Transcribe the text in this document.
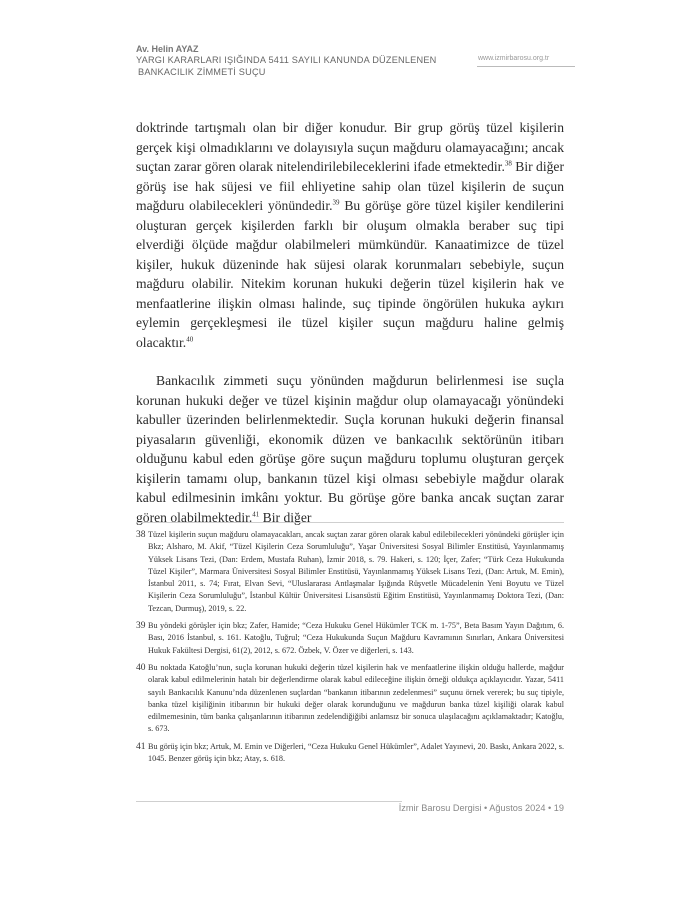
Av. Helin AYAZ
YARGI KARARLARI IŞIĞINDA 5411 SAYILI KANUNDA DÜZENLENEN
BANKACILIK ZİMMETİ SUÇU
www.izmirbarosu.org.tr

doktrinde tartışmalı olan bir diğer konudur. Bir grup görüş tüzel kişilerin gerçek kişi olmadıklarını ve dolayısıyla suçun mağduru olamayacağını; ancak suçtan zarar gören olarak nitelendirilebileceklerini ifade etmektedir.$^{38}$ Bir diğer görüş ise hak süjesi ve fiil ehliyetine sahip olan tüzel kişilerin de suçun mağduru olabilecekleri yönündedir.$^{39}$ Bu görüşe göre tüzel kişiler kendilerini oluşturan gerçek kişilerden farklı bir oluşum olmakla beraber suç tipi elverdiği ölçüde mağdur olabilmeleri mümkündür. Kanaatimizce de tüzel kişiler, hukuk düzeninde hak süjesi olarak korunmaları sebebiyle, suçun mağduru olabilir. Nitekim korunan hukuki değerin tüzel kişilerin hak ve menfaatlerine ilişkin olması halinde, suç tipinde öngörülen hukuka aykırı eylemin gerçekleşmesi ile tüzel kişiler suçun mağduru haline gelmiş olacaktır.$^{40}$

Bankacılık zimmeti suçu yönünden mağdurun belirlenmesi ise suçla korunan hukuki değer ve tüzel kişinin mağdur olup olamayacağı yönündeki kabuller üzerinden belirlenmektedir. Suçla korunan hukuki değerin finansal piyasaların güvenliği, ekonomik düzen ve bankacılık sektörünün itibarı olduğunu kabul eden görüşe göre suçun mağduru toplumu oluşturan gerçek kişilerin tamamı olup, bankanın tüzel kişi olması sebebiyle mağdur olarak kabul edilmesinin imkânı yoktur. Bu görüşe göre banka ancak suçtan zarar gören olabilmektedir.$^{41}$ Bir diğer

38 Tüzel kişilerin suçun mağduru olamayacakları, ancak suçtan zarar gören olarak kabul edilebilecekleri yönündeki görüşler için Bkz; Alsharo, M. Akif, “Tüzel Kişilerin Ceza Sorumluluğu”, Yaşar Üniversitesi Sosyal Bilimler Enstitüsü, Yayınlanmamış Yüksek Lisans Tezi, (Dan: Erdem, Mustafa Ruhan), İzmir 2018, s. 79. Hakeri, s. 120; İçer, Zafer; “Türk Ceza Hukukunda Tüzel Kişiler”, Marmara Üniversitesi Sosyal Bilimler Enstitüsü, Yayınlanmamış Yüksek Lisans Tezi, (Dan: Artuk, M. Emin), İstanbul 2011, s. 74; Fırat, Elvan Sevi, “Uluslararası Antlaşmalar Işığında Rüşvetle Mücadelenin Yeni Boyutu ve Tüzel Kişilerin Ceza Sorumluluğu”, İstanbul Kültür Üniversitesi Lisansüstü Eğitim Enstitüsü, Yayınlanmamış Doktora Tezi, (Dan: Tezcan, Durmuş), 2019, s. 22.
39 Bu yöndeki görüşler için bkz; Zafer, Hamide; “Ceza Hukuku Genel Hükümler TCK m. 1-75”, Beta Basım Yayın Dağıtım, 6. Bası, 2016 İstanbul, s. 161. Katoğlu, Tuğrul; “Ceza Hukukunda Suçun Mağduru Kavramının Sınırları, Ankara Üniversitesi Hukuk Fakültesi Dergisi, 61(2), 2012, s. 672. Özbek, V. Özer ve diğerleri, s. 143.
40 Bu noktada Katoğlu’nun, suçla korunan hukuki değerin tüzel kişilerin hak ve menfaatlerine ilişkin olduğu hallerde, mağdur olarak kabul edilmelerinin hatalı bir değerlendirme olarak kabul edileceğine ilişkin örneği oldukça açıklayıcıdır. Yazar, 5411 sayılı Bankacılık Kanunu’nda düzenlenen suçlardan “bankanın itibarının zedelenmesi” suçunu örnek vererek; bu suç tipiyle, banka tüzel kişiliğinin itibarının bir hukuki değer olarak korunduğunu ve mağdurun banka tüzel kişiliği olarak kabul edilmemesinin, tüm banka çalışanlarının itibarının zedelendiğiğibi anlamsız bir sonuca ulaşılacağını açıklamaktadır; Katoğlu, s. 673.
41 Bu görüş için bkz; Artuk, M. Emin ve Diğerleri, “Ceza Hukuku Genel Hükümler”, Adalet Yayınevi, 20. Baskı, Ankara 2022, s. 1045. Benzer görüş için bkz; Atay, s. 618.
İzmir Barosu Dergisi • Ağustos 2024 • 19
